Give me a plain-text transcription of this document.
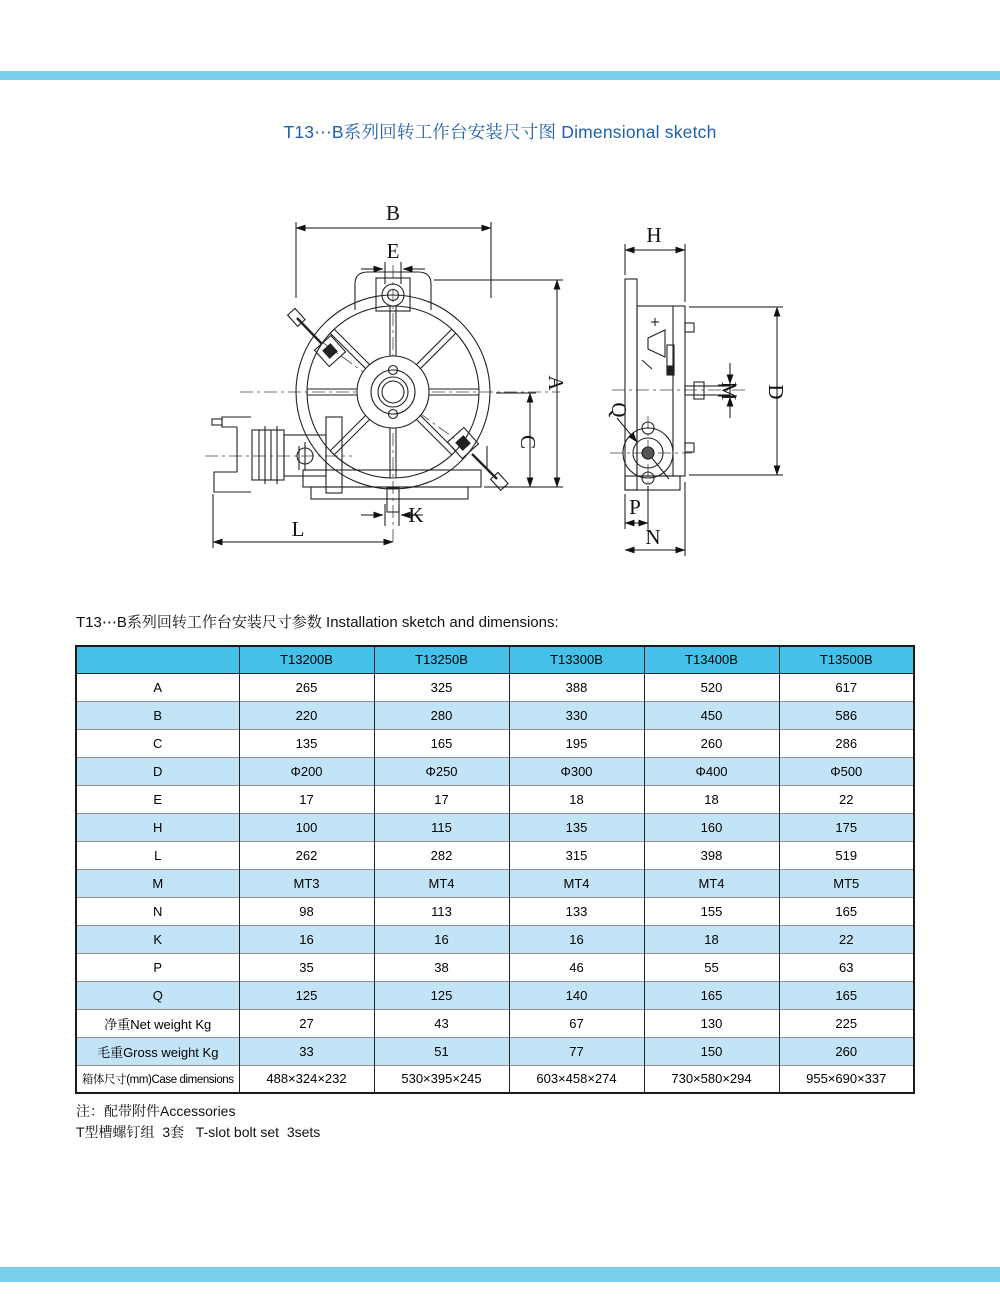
T13⋯B系列回转工作台安装尺寸图 Dimensional sketch
B
E
A
C
K
L
H
D
M
Q
P
N
T13⋯B系列回转工作台安装尺寸参数 Installation sketch and dimensions:
	T13200B	T13250B	T13300B	T13400B	T13500B
A	265	325	388	520	617
B	220	280	330	450	586
C	135	165	195	260	286
D	Φ200	Φ250	Φ300	Φ400	Φ500
E	17	17	18	18	22
H	100	115	135	160	175
L	262	282	315	398	519
M	MT3	MT4	MT4	MT4	MT5
N	98	113	133	155	165
K	16	16	16	18	22
P	35	38	46	55	63
Q	125	125	140	165	165
净重Net weight Kg	27	43	67	130	225
毛重Gross weight Kg	33	51	77	150	260
箱体尺寸(mm)Case dimensions	488×324×232	530×395×245	603×458×274	730×580×294	955×690×337
注：配带附件Accessories
T型槽螺钉组  3套   T-slot bolt set  3sets
